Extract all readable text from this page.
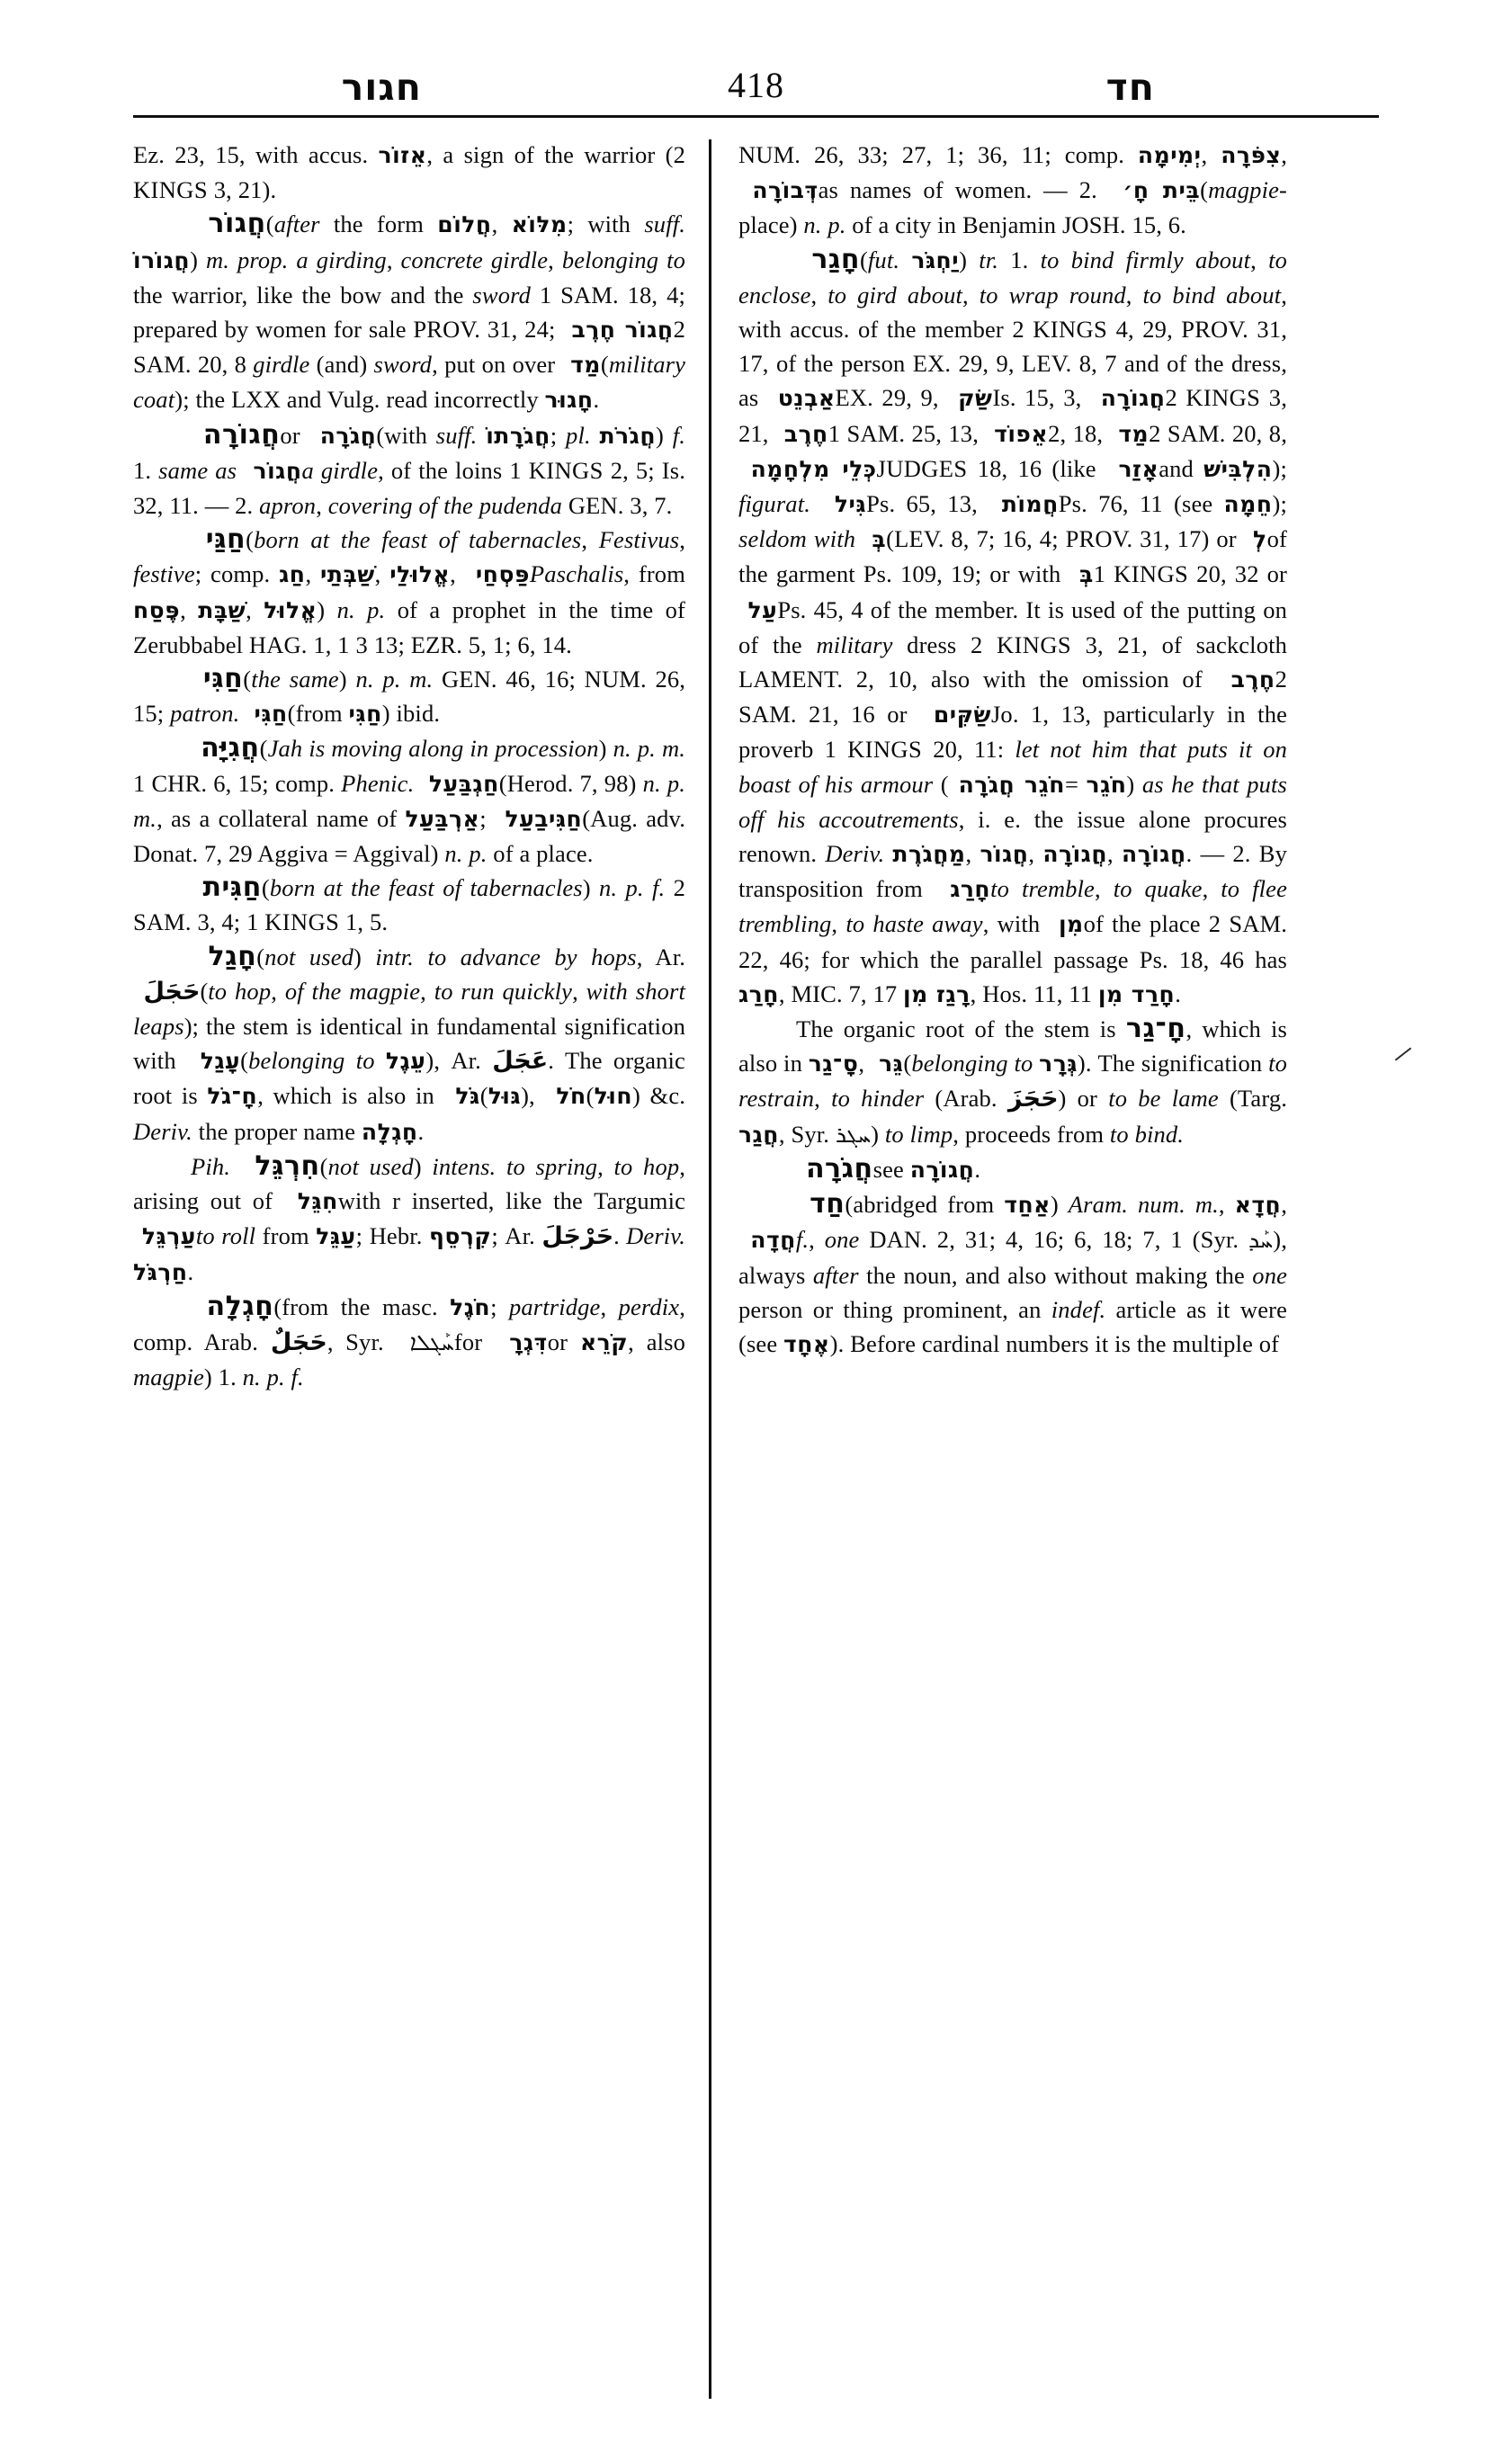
חגור	418	חד

Ez. 23, 15, with accus. אֵזוֹר, a sign of the warrior (2 KINGS 3, 21).

חֲגוֹר (after the form חֲלוֹם, מִלּוֹא; with suff. חֲגוֹרוֹ) m. prop. a girding, concrete girdle, belonging to the warrior, like the bow and the sword 1 SAM. 18, 4; prepared by women for sale PROV. 31, 24; חֲגוֹר חֶרֶב 2 SAM. 20, 8 girdle (and) sword, put on over מַד (military coat); the LXX and Vulg. read incorrectly חָגוּר.

חֲגוֹרָה or חֲגֹרָה (with suff. חֲגֹרָתוֹ; pl. חֲגֹרֹת) f. 1. same as חֲגוֹר a girdle, of the loins 1 KINGS 2, 5; Is. 32, 11. — 2. apron, covering of the pudenda GEN. 3, 7.

חַגַּי (born at the feast of tabernacles, Festivus, festive; comp. חַג, שַׁבְּתַי, אֱלוּלַי, פַּסְחַי Paschalis, from פֶּסַח, שַׁבָּת, אֱלוּל) n. p. of a prophet in the time of Zerubbabel HAG. 1, 1 3 13; EZR. 5, 1; 6, 14.

חַגִּי (the same) n. p. m. GEN. 46, 16; NUM. 26, 15; patron. חַגִּי (from חַגִּי) ibid.

חֲגִיָּה (Jah is moving along in procession) n. p. m. 1 CHR. 6, 15; comp. Phenic. חַגְבַּעַל (Herod. 7, 98) n. p. m., as a collateral name of אַרְבַּעַל; חַגִּיבַעַל (Aug. adv. Donat. 7, 29 Aggiva = Aggival) n. p. of a place.

חַגִּית (born at the feast of tabernacles) n. p. f. 2 SAM. 3, 4; 1 KINGS 1, 5.

חָגַל (not used) intr. to advance by hops, Ar. حَجَلَ (to hop, of the magpie, to run quickly, with short leaps); the stem is identical in fundamental signification with עָגַל (belonging to עֵגֶל), Ar. عَجَلَ. The organic root is חָ־גֹל, which is also in גֹּל (גּוּל), חֹל (חוּל) &c. Deriv. the proper name חָגְלָה.

Pih. חִרְגֵּל (not used) intens. to spring, to hop, arising out of חִגֵּל with r inserted, like the Targumic עַרְגֵּל to roll from עַגֵּל; Hebr. קִרְסֵף; Ar. حَرْجَلَ. Deriv. חַרְגֹּל.

חָגְלָה (from the masc. חֹגֶל; partridge, perdix, comp. Arab. حَجَلٌ, Syr. ܚܰܓܠܐ for דִּגְרָ or קֹרֵא, also magpie) 1. n. p. f.

NUM. 26, 33; 27, 1; 36, 11; comp. יְמִימָה, צִפֹּרָה, דְּבוֹרָה as names of women. — 2. בֵּית חָ׳ (magpie-place) n. p. of a city in Benjamin JOSH. 15, 6.

חָגַר (fut. יַחְגֹּר) tr. 1. to bind firmly about, to enclose, to gird about, to wrap round, to bind about, with accus. of the member 2 KINGS 4, 29, PROV. 31, 17, of the person EX. 29, 9, LEV. 8, 7 and of the dress, as אַבְנֵט EX. 29, 9, שַׂק Is. 15, 3, חֲגוֹרָה 2 KINGS 3, 21, חֶרֶב 1 SAM. 25, 13, אֵפוֹד 2, 18, מַד 2 SAM. 20, 8, כְּלֵי מִלְחָמָה JUDGES 18, 16 (like אָזַר and הִלְבִּישׁ); figurat. גִּיל Ps. 65, 13, חֲמוֹת Ps. 76, 11 (see חֵמָה); seldom with בְּ (LEV. 8, 7; 16, 4; PROV. 31, 17) or לְ of the garment Ps. 109, 19; or with בְּ 1 KINGS 20, 32 or עַל Ps. 45, 4 of the member. It is used of the putting on of the military dress 2 KINGS 3, 21, of sackcloth LAMENT. 2, 10, also with the omission of חֶרֶב 2 SAM. 21, 16 or שַׂקִּים Jo. 1, 13, particularly in the proverb 1 KINGS 20, 11: let not him that puts it on boast of his armour (חֹגֵר חֲגֹרָה = חֹגֵר) as he that puts off his accoutrements, i. e. the issue alone procures renown. Deriv. מַחֲגֹרֶת, חֲגוֹר, חֲגוֹרָה, חֲגוֹרָה. — 2. By transposition from חָרַג to tremble, to quake, to flee trembling, to haste away, with מִן of the place 2 SAM. 22, 46; for which the parallel passage Ps. 18, 46 has חָרַג, MIC. 7, 17 רָגַז מִן, Hos. 11, 11 חָרַד מִן.

The organic root of the stem is חָ־גַר, which is also in סָ־גַר, גֵּר (belonging to גְּרָר). The signification to restrain, to hinder (Arab. حَجَزَ) or to be lame (Targ. חֲגַר, Syr. ܚܓܪ) to limp, proceeds from to bind.

חֲגֹרָה see חֲגוֹרָה.

חַד (abridged from אַחַד) Aram. num. m., חֲדָא, חֲדָה f., one DAN. 2, 31; 4, 16; 6, 18; 7, 1 (Syr. ܚܰܕ), always after the noun, and also without making the one person or thing prominent, an indef. article as it were (see אֶחָד). Before cardinal numbers it is the multiple of
